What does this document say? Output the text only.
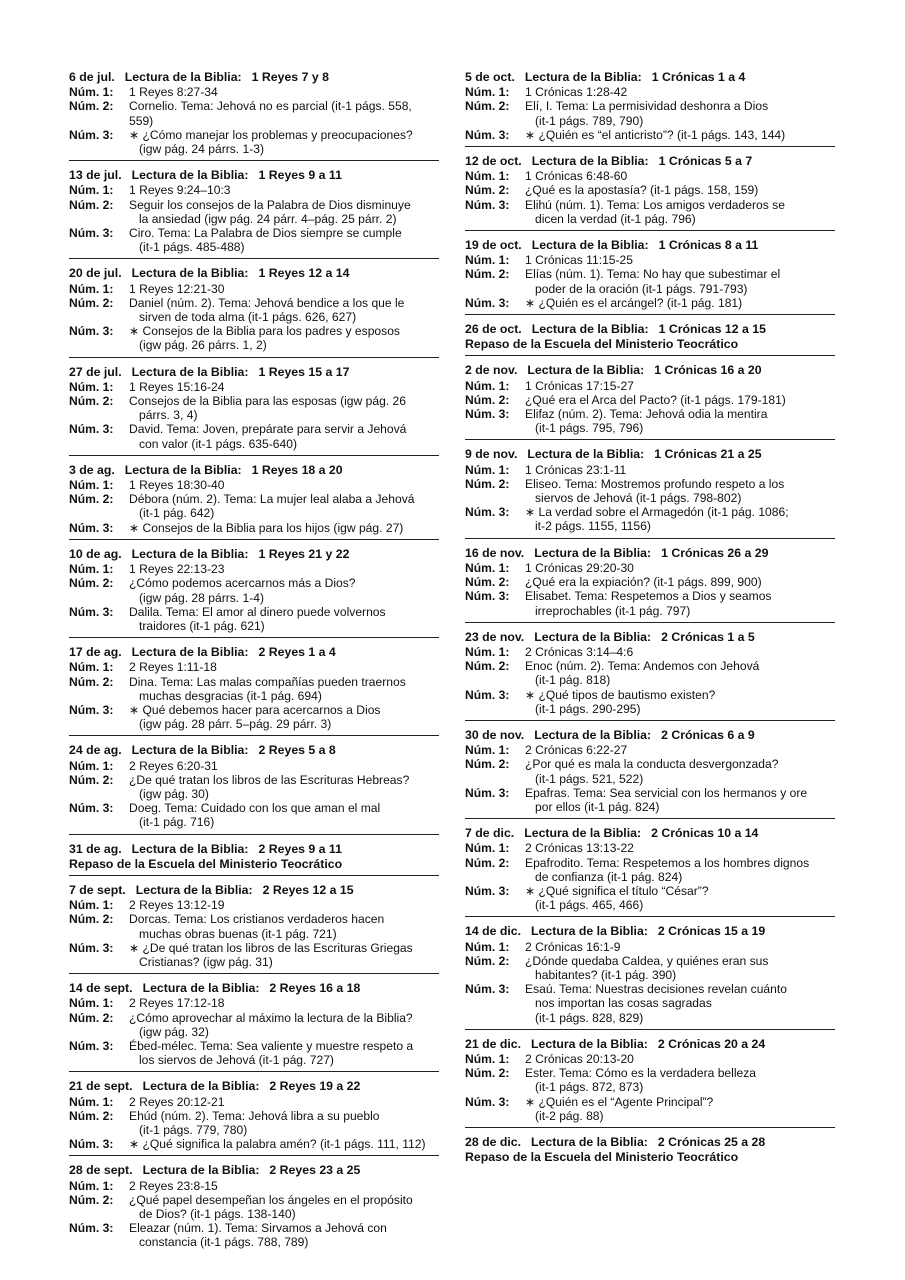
6 de jul. Lectura de la Biblia: 1 Reyes 7 y 8
Núm. 1:	1 Reyes 8:27-34
Núm. 2:	Cornelio. Tema: Jehová no es parcial (it-1 págs. 558, 559)
Núm. 3:	∗ ¿Cómo manejar los problemas y preocupaciones?
(igw pág. 24 párrs. 1-3)
13 de jul. Lectura de la Biblia: 1 Reyes 9 a 11
Núm. 1:	1 Reyes 9:24–10:3
Núm. 2:	Seguir los consejos de la Palabra de Dios disminuye
la ansiedad (igw pág. 24 párr. 4–pág. 25 párr. 2)
Núm. 3:	Ciro. Tema: La Palabra de Dios siempre se cumple
(it-1 págs. 485-488)
20 de jul. Lectura de la Biblia: 1 Reyes 12 a 14
Núm. 1:	1 Reyes 12:21-30
Núm. 2:	Daniel (núm. 2). Tema: Jehová bendice a los que le
sirven de toda alma (it-1 págs. 626, 627)
Núm. 3:	∗ Consejos de la Biblia para los padres y esposos
(igw pág. 26 párrs. 1, 2)
27 de jul. Lectura de la Biblia: 1 Reyes 15 a 17
Núm. 1:	1 Reyes 15:16-24
Núm. 2:	Consejos de la Biblia para las esposas (igw pág. 26
párrs. 3, 4)
Núm. 3:	David. Tema: Joven, prepárate para servir a Jehová
con valor (it-1 págs. 635-640)
3 de ag. Lectura de la Biblia: 1 Reyes 18 a 20
Núm. 1:	1 Reyes 18:30-40
Núm. 2:	Débora (núm. 2). Tema: La mujer leal alaba a Jehová
(it-1 pág. 642)
Núm. 3:	∗ Consejos de la Biblia para los hijos (igw pág. 27)
10 de ag. Lectura de la Biblia: 1 Reyes 21 y 22
Núm. 1:	1 Reyes 22:13-23
Núm. 2:	¿Cómo podemos acercarnos más a Dios?
(igw pág. 28 párrs. 1-4)
Núm. 3:	Dalila. Tema: El amor al dinero puede volvernos
traidores (it-1 pág. 621)
17 de ag. Lectura de la Biblia: 2 Reyes 1 a 4
Núm. 1:	2 Reyes 1:11-18
Núm. 2:	Dina. Tema: Las malas compañías pueden traernos
muchas desgracias (it-1 pág. 694)
Núm. 3:	∗ Qué debemos hacer para acercarnos a Dios
(igw pág. 28 párr. 5–pág. 29 párr. 3)
24 de ag. Lectura de la Biblia: 2 Reyes 5 a 8
Núm. 1:	2 Reyes 6:20-31
Núm. 2:	¿De qué tratan los libros de las Escrituras Hebreas?
(igw pág. 30)
Núm. 3:	Doeg. Tema: Cuidado con los que aman el mal
(it-1 pág. 716)
31 de ag. Lectura de la Biblia: 2 Reyes 9 a 11
Repaso de la Escuela del Ministerio Teocrático
7 de sept. Lectura de la Biblia: 2 Reyes 12 a 15
Núm. 1:	2 Reyes 13:12-19
Núm. 2:	Dorcas. Tema: Los cristianos verdaderos hacen
muchas obras buenas (it-1 pág. 721)
Núm. 3:	∗ ¿De qué tratan los libros de las Escrituras Griegas
Cristianas? (igw pág. 31)
14 de sept. Lectura de la Biblia: 2 Reyes 16 a 18
Núm. 1:	2 Reyes 17:12-18
Núm. 2:	¿Cómo aprovechar al máximo la lectura de la Biblia?
(igw pág. 32)
Núm. 3:	Ébed-mélec. Tema: Sea valiente y muestre respeto a
los siervos de Jehová (it-1 pág. 727)
21 de sept. Lectura de la Biblia: 2 Reyes 19 a 22
Núm. 1:	2 Reyes 20:12-21
Núm. 2:	Ehúd (núm. 2). Tema: Jehová libra a su pueblo
(it-1 págs. 779, 780)
Núm. 3:	∗ ¿Qué significa la palabra amén? (it-1 págs. 111, 112)
28 de sept. Lectura de la Biblia: 2 Reyes 23 a 25
Núm. 1:	2 Reyes 23:8-15
Núm. 2:	¿Qué papel desempeñan los ángeles en el propósito
de Dios? (it-1 págs. 138-140)
Núm. 3:	Eleazar (núm. 1). Tema: Sirvamos a Jehová con
constancia (it-1 págs. 788, 789)
5 de oct. Lectura de la Biblia: 1 Crónicas 1 a 4
Núm. 1:	1 Crónicas 1:28-42
Núm. 2:	Elí, I. Tema: La permisividad deshonra a Dios
(it-1 págs. 789, 790)
Núm. 3:	∗ ¿Quién es “el anticristo”? (it-1 págs. 143, 144)
12 de oct. Lectura de la Biblia: 1 Crónicas 5 a 7
Núm. 1:	1 Crónicas 6:48-60
Núm. 2:	¿Qué es la apostasía? (it-1 págs. 158, 159)
Núm. 3:	Elihú (núm. 1). Tema: Los amigos verdaderos se
dicen la verdad (it-1 pág. 796)
19 de oct. Lectura de la Biblia: 1 Crónicas 8 a 11
Núm. 1:	1 Crónicas 11:15-25
Núm. 2:	Elías (núm. 1). Tema: No hay que subestimar el
poder de la oración (it-1 págs. 791-793)
Núm. 3:	∗ ¿Quién es el arcángel? (it-1 pág. 181)
26 de oct. Lectura de la Biblia: 1 Crónicas 12 a 15
Repaso de la Escuela del Ministerio Teocrático
2 de nov. Lectura de la Biblia: 1 Crónicas 16 a 20
Núm. 1:	1 Crónicas 17:15-27
Núm. 2:	¿Qué era el Arca del Pacto? (it-1 págs. 179-181)
Núm. 3:	Elifaz (núm. 2). Tema: Jehová odia la mentira
(it-1 págs. 795, 796)
9 de nov. Lectura de la Biblia: 1 Crónicas 21 a 25
Núm. 1:	1 Crónicas 23:1-11
Núm. 2:	Eliseo. Tema: Mostremos profundo respeto a los
siervos de Jehová (it-1 págs. 798-802)
Núm. 3:	∗ La verdad sobre el Armagedón (it-1 pág. 1086;
it-2 págs. 1155, 1156)
16 de nov. Lectura de la Biblia: 1 Crónicas 26 a 29
Núm. 1:	1 Crónicas 29:20-30
Núm. 2:	¿Qué era la expiación? (it-1 págs. 899, 900)
Núm. 3:	Elisabet. Tema: Respetemos a Dios y seamos
irreprochables (it-1 pág. 797)
23 de nov. Lectura de la Biblia: 2 Crónicas 1 a 5
Núm. 1:	2 Crónicas 3:14–4:6
Núm. 2:	Enoc (núm. 2). Tema: Andemos con Jehová
(it-1 pág. 818)
Núm. 3:	∗ ¿Qué tipos de bautismo existen?
(it-1 págs. 290-295)
30 de nov. Lectura de la Biblia: 2 Crónicas 6 a 9
Núm. 1:	2 Crónicas 6:22-27
Núm. 2:	¿Por qué es mala la conducta desvergonzada?
(it-1 págs. 521, 522)
Núm. 3:	Epafras. Tema: Sea servicial con los hermanos y ore
por ellos (it-1 pág. 824)
7 de dic. Lectura de la Biblia: 2 Crónicas 10 a 14
Núm. 1:	2 Crónicas 13:13-22
Núm. 2:	Epafrodito. Tema: Respetemos a los hombres dignos
de confianza (it-1 pág. 824)
Núm. 3:	∗ ¿Qué significa el título “César”?
(it-1 págs. 465, 466)
14 de dic. Lectura de la Biblia: 2 Crónicas 15 a 19
Núm. 1:	2 Crónicas 16:1-9
Núm. 2:	¿Dónde quedaba Caldea, y quiénes eran sus
habitantes? (it-1 pág. 390)
Núm. 3:	Esaú. Tema: Nuestras decisiones revelan cuánto
nos importan las cosas sagradas
(it-1 págs. 828, 829)
21 de dic. Lectura de la Biblia: 2 Crónicas 20 a 24
Núm. 1:	2 Crónicas 20:13-20
Núm. 2:	Ester. Tema: Cómo es la verdadera belleza
(it-1 págs. 872, 873)
Núm. 3:	∗ ¿Quién es el “Agente Principal”?
(it-2 pág. 88)
28 de dic. Lectura de la Biblia: 2 Crónicas 25 a 28
Repaso de la Escuela del Ministerio Teocrático
